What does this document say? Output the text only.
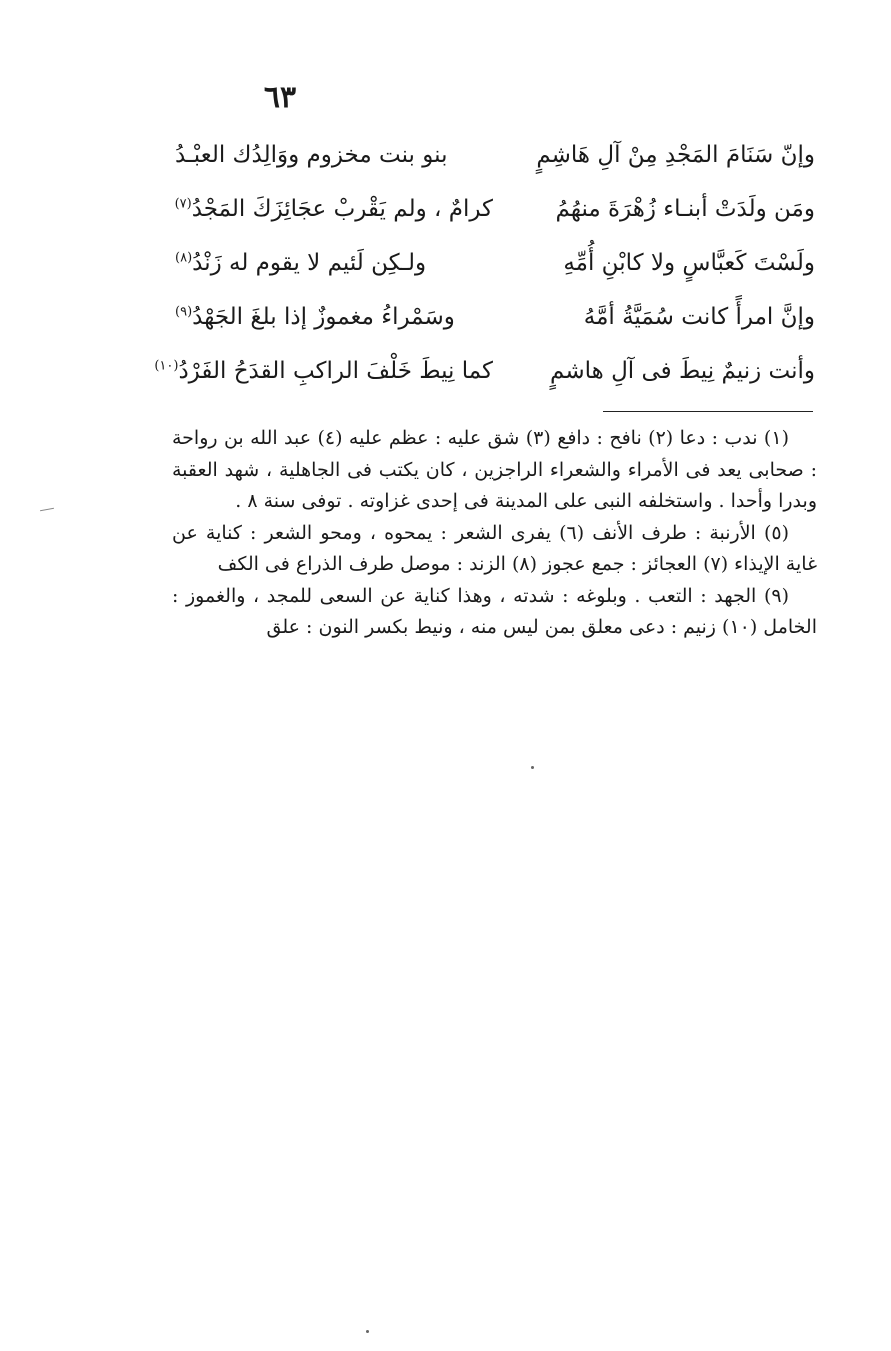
٦٣
وإنّ سَنَامَ المَجْدِ مِنْ آلِ هَاشِمٍ
بنو بنت مخزوم ووَالِدُك العبْـدُ
ومَن ولَدَتْ أبنـاء زُهْرَةَ منهُمُ
كرامٌ ، ولم يَقْربْ عجَائِزَكَ المَجْدُ$^{(٧)}$
ولَسْتَ كَعبَّاسٍ ولا كابْنِ أُمِّهِ
ولـكِن لَئيم لا يقوم له زَنْدُ$^{(٨)}$
وإنَّ امرأً كانت سُمَيَّةُ أمَّهُ
وسَمْراءُ مغموزٌ إذا بلغَ الجَهْدُ$^{(٩)}$
وأنت زنيمٌ نِيطَ فى آلِ هاشمٍ
كما نِيطَ خَلْفَ الراكبِ القدَحُ الفَرْدُ$^{(١٠)}$

(١) ندب : دعا (٢) نافح : دافع (٣) شق عليه : عظم عليه (٤) عبد الله بن رواحة : صحابى يعد فى الأمراء والشعراء الراجزين ، كان يكتب فى الجاهلية ، شهد العقبة وبدرا وأحدا . واستخلفه النبى على المدينة فى إحدى غزاوته . توفى سنة ٨ .

(٥) الأرنبة : طرف الأنف (٦) يفرى الشعر : يمحوه ، ومحو الشعر : كناية عن غاية الإيذاء (٧) العجائز : جمع عجوز (٨) الزند : موصل طرف الذراع فى الكف

(٩) الجهد : التعب . وبلوغه : شدته ، وهذا كناية عن السعى للمجد ، والغموز : الخامل (١٠) زنيم : دعى معلق بمن ليس منه ، ونيط بكسر النون : علق
